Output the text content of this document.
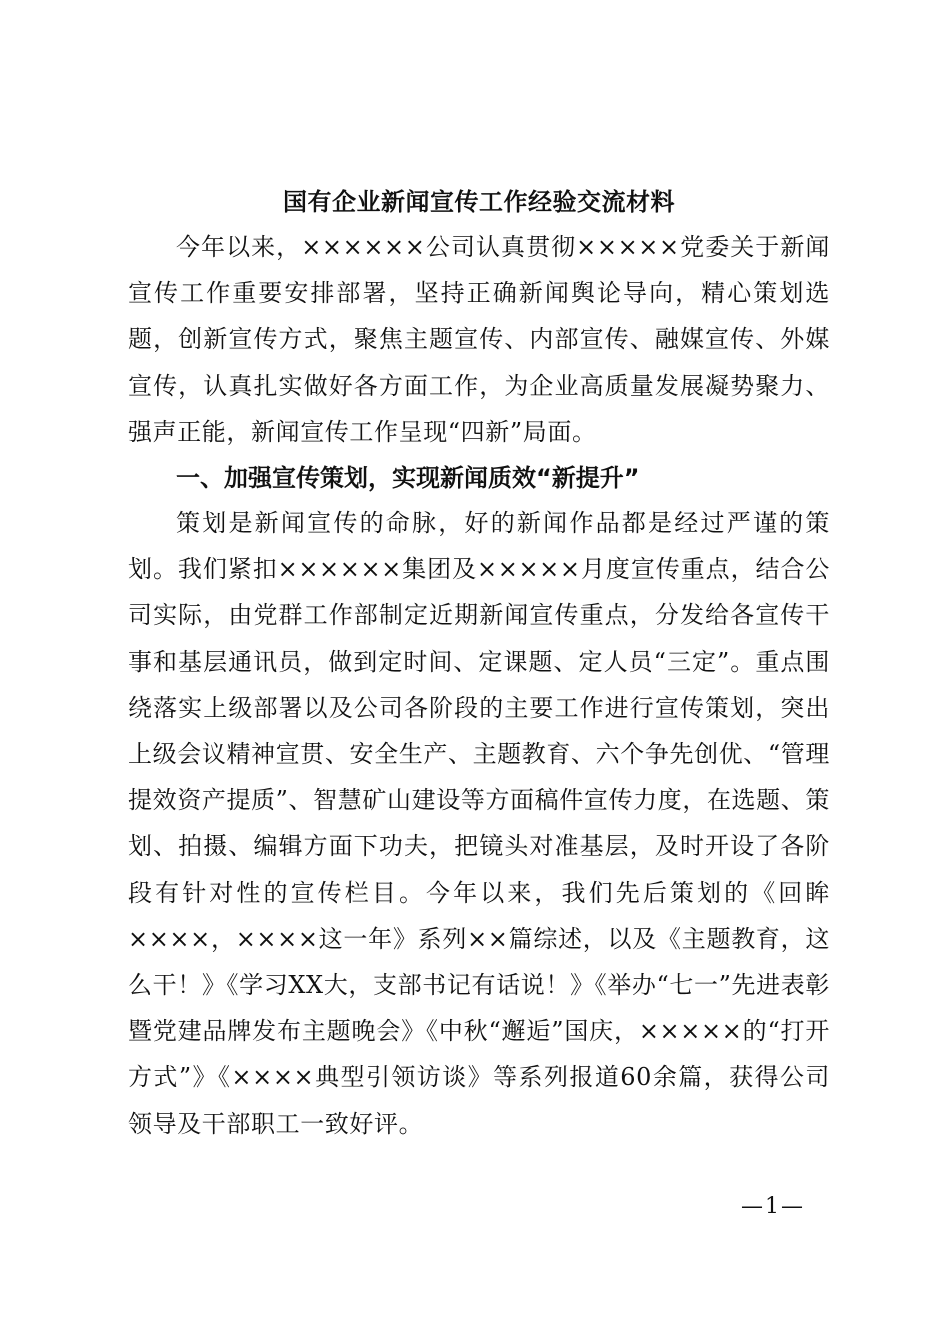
国有企业新闻宣传工作经验交流材料

今年以来，××××××公司认真贯彻×××××党委关于新闻宣传工作重要安排部署，坚持正确新闻舆论导向，精心策划选题，创新宣传方式，聚焦主题宣传、内部宣传、融媒宣传、外媒宣传，认真扎实做好各方面工作，为企业高质量发展凝势聚力、强声正能，新闻宣传工作呈现“四新”局面。

一、加强宣传策划，实现新闻质效“新提升”

策划是新闻宣传的命脉，好的新闻作品都是经过严谨的策划。我们紧扣××××××集团及×××××月度宣传重点，结合公司实际，由党群工作部制定近期新闻宣传重点，分发给各宣传干事和基层通讯员，做到定时间、定课题、定人员“三定”。重点围绕落实上级部署以及公司各阶段的主要工作进行宣传策划，突出上级会议精神宣贯、安全生产、主题教育、六个争先创优、“管理提效资产提质”、智慧矿山建设等方面稿件宣传力度，在选题、策划、拍摄、编辑方面下功夫，把镜头对准基层，及时开设了各阶段有针对性的宣传栏目。今年以来，我们先后策划的《回眸××××，××××这一年》系列××篇综述，以及《主题教育，这么干！》《学习XX大，支部书记有话说！》《举办“七一”先进表彰暨党建品牌发布主题晚会》《中秋“邂逅”国庆，×××××的“打开方式”》《××××典型引领访谈》等系列报道60余篇，获得公司领导及干部职工一致好评。

—1—
